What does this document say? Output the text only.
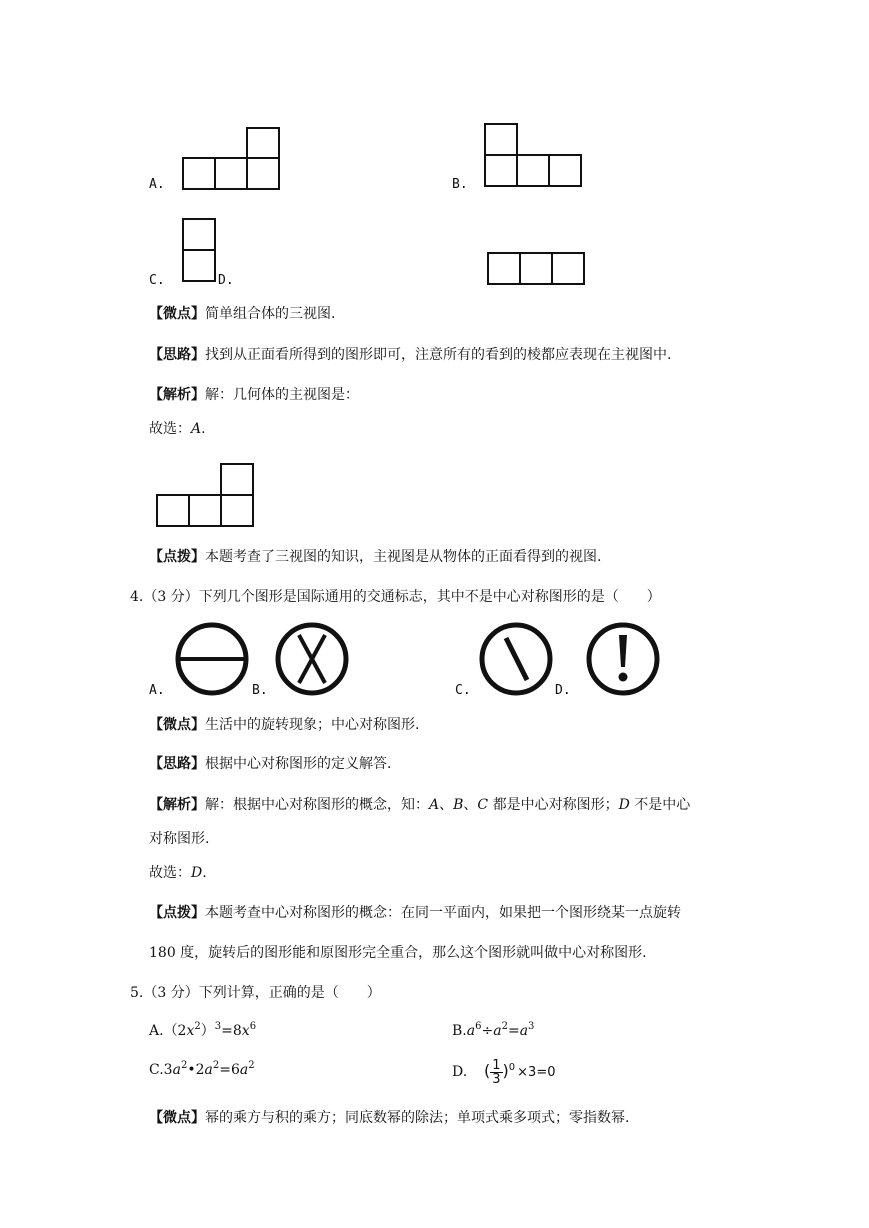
A.	B.
C.	D.
【微点】简单组合体的三视图.
【思路】找到从正面看所得到的图形即可，注意所有的看到的棱都应表现在主视图中.
【解析】解：几何体的主视图是：
故选：A.
【点拨】本题考查了三视图的知识，主视图是从物体的正面看得到的视图.
4.（3 分）下列几个图形是国际通用的交通标志，其中不是中心对称图形的是（　　）
A.	B.	C.	D.
【微点】生活中的旋转现象；中心对称图形.
【思路】根据中心对称图形的定义解答.
【解析】解：根据中心对称图形的概念，知：A、B、C 都是中心对称图形；D 不是中心
对称图形.
故选：D.
【点拨】本题考查中心对称图形的概念：在同一平面内，如果把一个图形绕某一点旋转
180 度，旋转后的图形能和原图形完全重合，那么这个图形就叫做中心对称图形.
5.（3 分）下列计算，正确的是（　　）
$A.(2x^2)^3=8x^6$	$B.a^6\div a^2=a^3$
$C.3a^2•2a^2=6a^2$	D. ( $\frac{1}{3} )^0 \times 3=0$
【微点】幂的乘方与积的乘方；同底数幂的除法；单项式乘多项式；零指数幂.
